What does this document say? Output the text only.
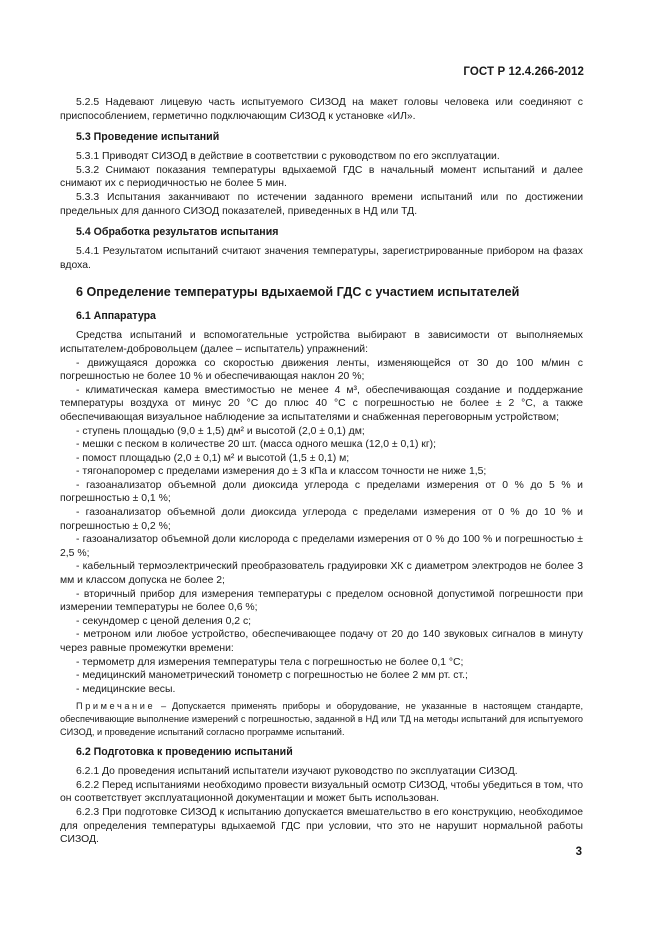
ГОСТ Р 12.4.266-2012

5.2.5 Надевают лицевую часть испытуемого СИЗОД на макет головы человека или соединяют с приспособлением, герметично подключающим СИЗОД к установке «ИЛ».

5.3 Проведение испытаний

5.3.1 Приводят СИЗОД в действие в соответствии с руководством по его эксплуатации.

5.3.2 Снимают показания температуры вдыхаемой ГДС в начальный момент испытаний и далее снимают их с периодичностью не более 5 мин.

5.3.3 Испытания заканчивают по истечении заданного времени испытаний или по достижении предельных для данного СИЗОД показателей, приведенных в НД или ТД.

5.4 Обработка результатов испытания

5.4.1 Результатом испытаний считают значения температуры, зарегистрированные прибором на фазах вдоха.

6 Определение температуры вдыхаемой ГДС с участием испытателей
6.1 Аппаратура

Средства испытаний и вспомогательные устройства выбирают в зависимости от выполняемых испытателем-добровольцем (далее – испытатель) упражнений:

- движущаяся дорожка со скоростью движения ленты, изменяющейся от 30 до 100 м/мин с погрешностью не более 10 % и обеспечивающая наклон 20 %;

- климатическая камера вместимостью не менее 4 м³, обеспечивающая создание и поддержание температуры воздуха от минус 20 °С до плюс 40 °С с погрешностью не более ± 2 °С, а также обеспечивающая визуальное наблюдение за испытателями и снабженная переговорным устройством;

- ступень площадью (9,0 ± 1,5) дм² и высотой (2,0 ± 0,1) дм;

- мешки с песком в количестве 20 шт. (масса одного мешка (12,0 ± 0,1) кг);

- помост площадью (2,0 ± 0,1) м² и высотой (1,5 ± 0,1) м;

- тягонапоромер с пределами измерения до ± 3 кПа и классом точности не ниже 1,5;

- газоанализатор объемной доли диоксида углерода с пределами измерения от 0 % до 5 % и погрешностью ± 0,1 %;

- газоанализатор объемной доли диоксида углерода с пределами измерения от 0 % до 10 % и погрешностью ± 0,2 %;

- газоанализатор объемной доли кислорода с пределами измерения от 0 % до 100 % и погрешностью ± 2,5 %;

- кабельный термоэлектрический преобразователь градуировки ХК с диаметром электродов не более 3 мм и классом допуска не более 2;

- вторичный прибор для измерения температуры с пределом основной допустимой погрешности при измерении температуры не более 0,6 %;

- секундомер с ценой деления 0,2 с;

- метроном или любое устройство, обеспечивающее подачу от 20 до 140 звуковых сигналов в минуту через равные промежутки времени:

- термометр для измерения температуры тела с погрешностью не более 0,1 °С;

- медицинский манометрический тонометр с погрешностью не более 2 мм рт. ст.;

- медицинские весы.

Примечание – Допускается применять приборы и оборудование, не указанные в настоящем стандарте, обеспечивающие выполнение измерений с погрешностью, заданной в НД или ТД на методы испытаний для испытуемого СИЗОД, и проведение испытаний согласно программе испытаний.

6.2 Подготовка к проведению испытаний

6.2.1 До проведения испытаний испытатели изучают руководство по эксплуатации СИЗОД.

6.2.2 Перед испытаниями необходимо провести визуальный осмотр СИЗОД, чтобы убедиться в том, что он соответствует эксплуатационной документации и может быть использован.

6.2.3 При подготовке СИЗОД к испытанию допускается вмешательство в его конструкцию, необходимое для определения температуры вдыхаемой ГДС при условии, что это не нарушит нормальной работы СИЗОД.

3
